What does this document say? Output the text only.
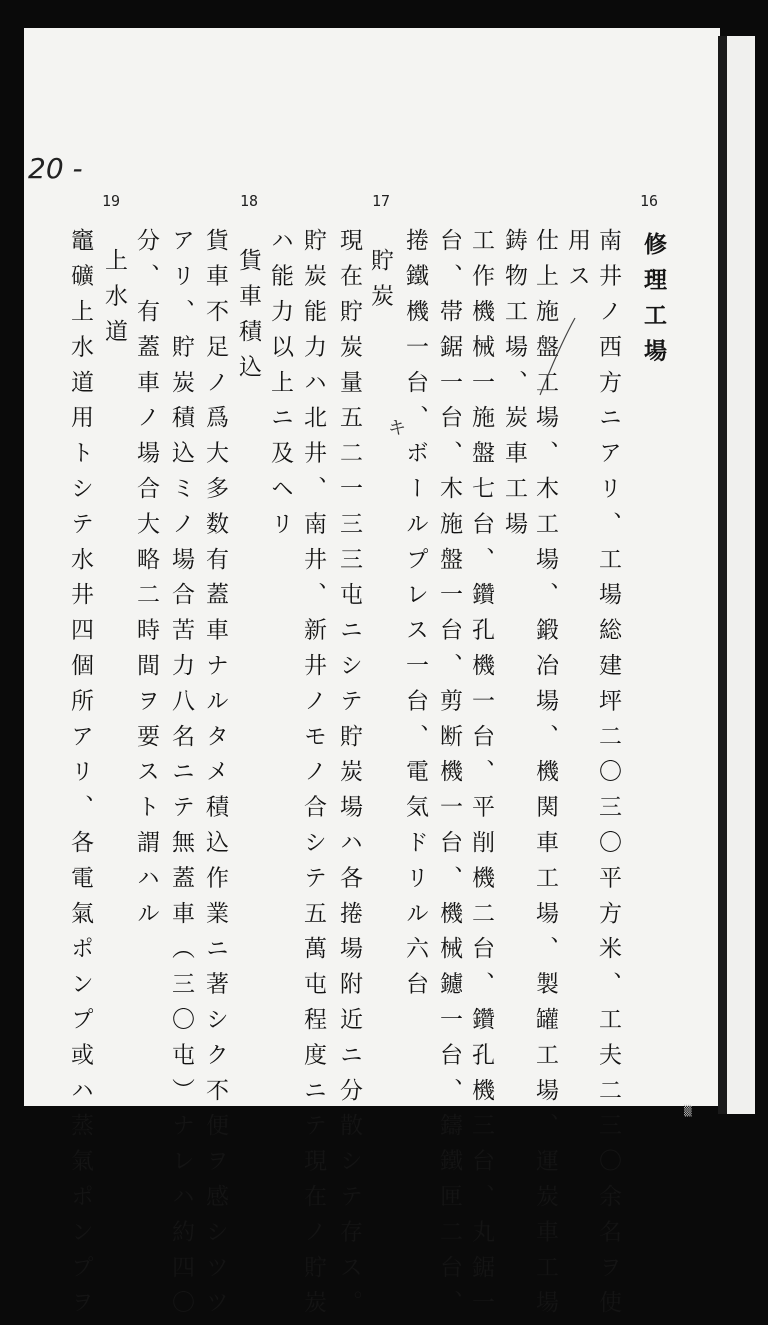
▒
20 -
16
17
18
19
修理工場
南井ノ西方ニアリ、工場総建坪二〇三〇平方米、工夫二三〇余名ヲ使
用ス
仕上施盤工場、木工場、鍛冶場、機関車工場、製罐工場、運炭車工場
鋳物工場、炭車工場
工作機械一施盤七台、鑽孔機一台、平削機二台、鑽孔機三台、丸鋸一
台、帯鋸一台、木施盤一台、剪断機一台、機械鑢一台、鑄鐵匣二台、
捲鐵機一台、ボールプレス一台、電気ドリル六台
貯炭
現在貯炭量五二一三三屯ニシテ貯炭場ハ各捲場附近ニ分散シテ存ス。
貯炭能力ハ北井、南井、新井ノモノ合シテ五萬屯程度ニテ現在ノ貯炭
ハ能力以上ニ及ヘリ
貨車積込
貨車不足ノ爲大多数有蓋車ナルタメ積込作業ニ著シク不便ヲ感シツツ
アリ、貯炭積込ミノ場合苦力八名ニテ無蓋車（三〇屯）ナレハ約四〇
分、有蓋車ノ場合大略二時間ヲ要スト謂ハル
上水道
竈礦上水道用トシテ水井四個所アリ、各電氣ポンプ或ハ蒸氣ポンプヲ	キ
